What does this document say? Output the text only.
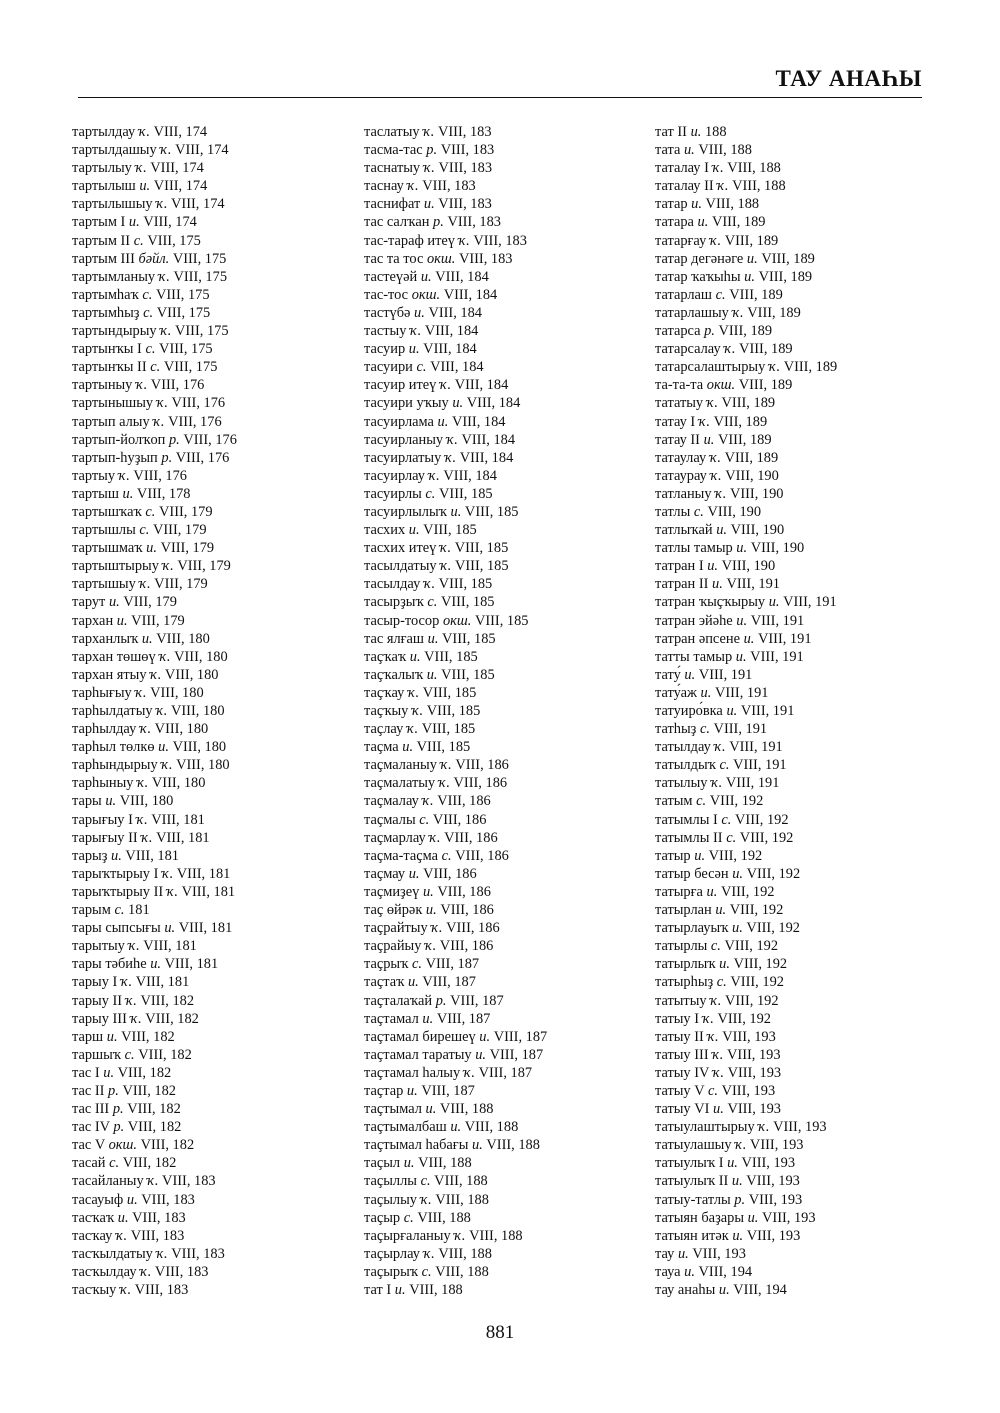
ТАУ АНАҺЫ
тартылдау ҡ. VIII, 174
тартылдашыу ҡ. VIII, 174
тартылыу ҡ. VIII, 174
тартылыш и. VIII, 174
тартылышыу ҡ. VIII, 174
тартым I и. VIII, 174
тартым II с. VIII, 175
тартым III бәйл. VIII, 175
тартымланыу ҡ. VIII, 175
тартымһаҡ с. VIII, 175
тартымһыҙ с. VIII, 175
тартындырыу ҡ. VIII, 175
тартынҡы I с. VIII, 175
тартынҡы II с. VIII, 175
тартыныу ҡ. VIII, 176
тартынышыу ҡ. VIII, 176
тартып алыу ҡ. VIII, 176
тартып-йолҡоп р. VIII, 176
тартып-һуҙып р. VIII, 176
тартыу ҡ. VIII, 176
тартыш и. VIII, 178
тартышҡаҡ с. VIII, 179
тартышлы с. VIII, 179
тартышмаҡ и. VIII, 179
тартыштырыу ҡ. VIII, 179
тартышыу ҡ. VIII, 179
тарут и. VIII, 179
тархан и. VIII, 179
тарханлыҡ и. VIII, 180
тархан төшөү ҡ. VIII, 180
тархан ятыу ҡ. VIII, 180
тарһығыу ҡ. VIII, 180
тарһылдатыу ҡ. VIII, 180
тарһылдау ҡ. VIII, 180
тарһыл төлкө и. VIII, 180
тарһындырыу ҡ. VIII, 180
тарһыныу ҡ. VIII, 180
тары и. VIII, 180
тарығыу I ҡ. VIII, 181
тарығыу II ҡ. VIII, 181
тарыҙ и. VIII, 181
тарыҡтырыу I ҡ. VIII, 181
тарыҡтырыу II ҡ. VIII, 181
тарым с. 181
тары сыпсығы и. VIII, 181
тарытыу ҡ. VIII, 181
тары тәбиһе и. VIII, 181
тарыу I ҡ. VIII, 181
тарыу II ҡ. VIII, 182
тарыу III ҡ. VIII, 182
тарш и. VIII, 182
таршыҡ с. VIII, 182
тас I и. VIII, 182
тас II р. VIII, 182
тас III р. VIII, 182
тас IV р. VIII, 182
тас V окш. VIII, 182
тасай с. VIII, 182
тасайланыу ҡ. VIII, 183
тасауыф и. VIII, 183
тасҡаҡ и. VIII, 183
тасҡау ҡ. VIII, 183
тасҡылдатыу ҡ. VIII, 183
тасҡылдау ҡ. VIII, 183
тасҡыу ҡ. VIII, 183
таслатыу ҡ. VIII, 183
тасма-тас р. VIII, 183
таснатыу ҡ. VIII, 183
таснау ҡ. VIII, 183
таснифат и. VIII, 183
тас салҡан р. VIII, 183
тас-тараф итеү ҡ. VIII, 183
тас та тос окш. VIII, 183
тастеүәй и. VIII, 184
тас-тос окш. VIII, 184
тастүбә и. VIII, 184
тастыу ҡ. VIII, 184
тасуир и. VIII, 184
тасуири с. VIII, 184
тасуир итеү ҡ. VIII, 184
тасуири уҡыу и. VIII, 184
тасуирлама и. VIII, 184
тасуирланыу ҡ. VIII, 184
тасуирлатыу ҡ. VIII, 184
тасуирлау ҡ. VIII, 184
тасуирлы с. VIII, 185
тасуирлылыҡ и. VIII, 185
тасхих и. VIII, 185
тасхих итеү ҡ. VIII, 185
тасылдатыу ҡ. VIII, 185
тасылдау ҡ. VIII, 185
тасырҙыҡ с. VIII, 185
тасыр-тосор окш. VIII, 185
тас ялғаш и. VIII, 185
таҫҡаҡ и. VIII, 185
таҫҡалыҡ и. VIII, 185
таҫҡау ҡ. VIII, 185
таҫҡыу ҡ. VIII, 185
таҫлау ҡ. VIII, 185
таҫма и. VIII, 185
таҫмаланыу ҡ. VIII, 186
таҫмалатыу ҡ. VIII, 186
таҫмалау ҡ. VIII, 186
таҫмалы с. VIII, 186
таҫмарлау ҡ. VIII, 186
таҫма-таҫма с. VIII, 186
таҫмау и. VIII, 186
таҫмиҙеү и. VIII, 186
таҫ өйрәк и. VIII, 186
таҫрайтыу ҡ. VIII, 186
таҫрайыу ҡ. VIII, 186
таҫрыҡ с. VIII, 187
таҫтаҡ и. VIII, 187
таҫталаҡай р. VIII, 187
таҫтамал и. VIII, 187
таҫтамал бирешеү и. VIII, 187
таҫтамал таратыу и. VIII, 187
таҫтамал һалыу ҡ. VIII, 187
таҫтар и. VIII, 187
таҫтымал и. VIII, 188
таҫтымалбаш и. VIII, 188
таҫтымал һабағы и. VIII, 188
таҫыл и. VIII, 188
таҫыллы с. VIII, 188
таҫылыу ҡ. VIII, 188
таҫыр с. VIII, 188
таҫырғаланыу ҡ. VIII, 188
таҫырлау ҡ. VIII, 188
таҫырыҡ с. VIII, 188
тат I и. VIII, 188
тат II и. 188
тата и. VIII, 188
таталау I ҡ. VIII, 188
таталау II ҡ. VIII, 188
татар и. VIII, 188
татара и. VIII, 189
татарғау ҡ. VIII, 189
татар дегәнәге и. VIII, 189
татар ҡаҡыһы и. VIII, 189
татарлаш с. VIII, 189
татарлашыу ҡ. VIII, 189
татарса р. VIII, 189
татарсалау ҡ. VIII, 189
татарсалаштырыу ҡ. VIII, 189
та-та-та окш. VIII, 189
тататыу ҡ. VIII, 189
татау I ҡ. VIII, 189
татау II и. VIII, 189
татаулау ҡ. VIII, 189
татаурау ҡ. VIII, 190
татланыу ҡ. VIII, 190
татлы с. VIII, 190
татлыҡай и. VIII, 190
татлы тамыр и. VIII, 190
татран I и. VIII, 190
татран II и. VIII, 191
татран ҡыҫҡырыу и. VIII, 191
татран эйәһе и. VIII, 191
татран әпсене и. VIII, 191
татты тамыр и. VIII, 191
тату́ и. VIII, 191
тату́аж и. VIII, 191
татуиро́вка и. VIII, 191
татһыҙ с. VIII, 191
татылдау ҡ. VIII, 191
татылдыҡ с. VIII, 191
татылыу ҡ. VIII, 191
татым с. VIII, 192
татымлы I с. VIII, 192
татымлы II с. VIII, 192
татыр и. VIII, 192
татыр бесән и. VIII, 192
татырға и. VIII, 192
татырлан и. VIII, 192
татырлауыҡ и. VIII, 192
татырлы с. VIII, 192
татырлыҡ и. VIII, 192
татырһыҙ с. VIII, 192
татытыу ҡ. VIII, 192
татыу I ҡ. VIII, 192
татыу II ҡ. VIII, 193
татыу III ҡ. VIII, 193
татыу IV ҡ. VIII, 193
татыу V с. VIII, 193
татыу VI и. VIII, 193
татыулаштырыу ҡ. VIII, 193
татыулашыу ҡ. VIII, 193
татыулыҡ I и. VIII, 193
татыулыҡ II и. VIII, 193
татыу-татлы р. VIII, 193
татыян баҙары и. VIII, 193
татыян итәк и. VIII, 193
тау и. VIII, 193
тауа и. VIII, 194
тау анаһы и. VIII, 194
881
